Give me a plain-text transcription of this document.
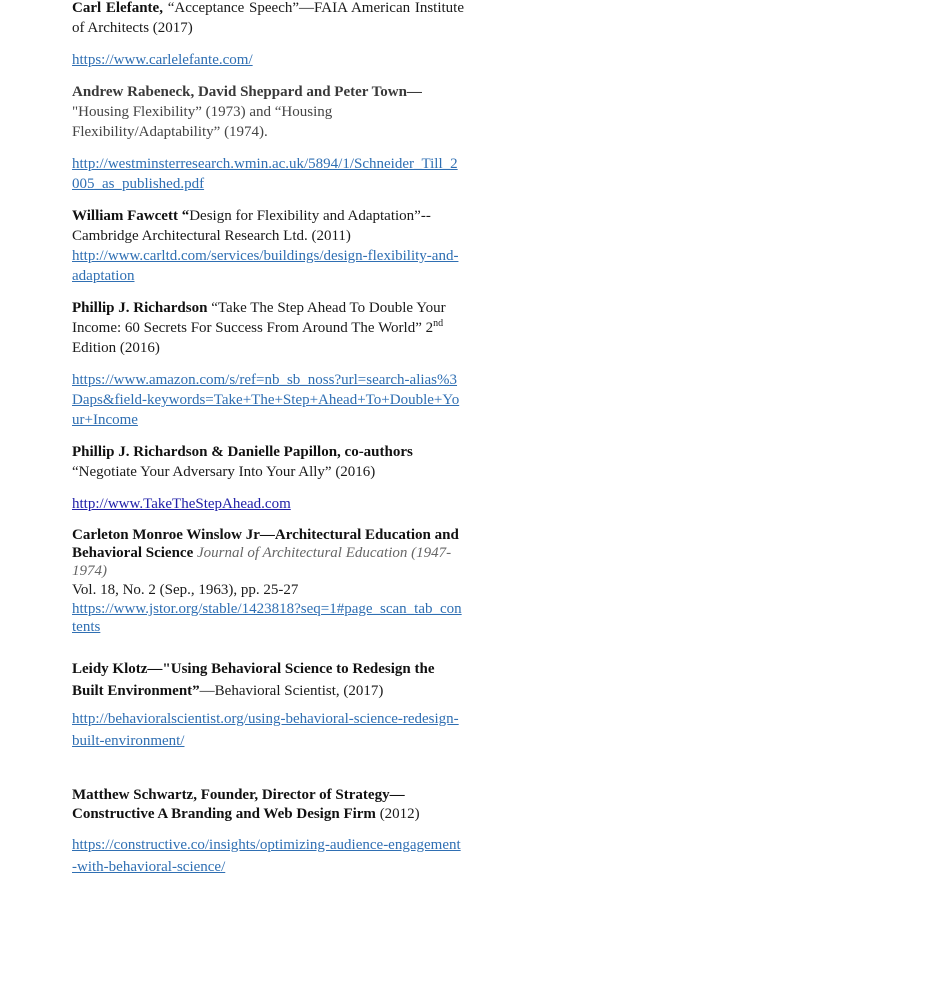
Carl Elefante, “Acceptance Speech”—FAIA American Institute of Architects (2017)

https://www.carlelefante.com/

Andrew Rabeneck, David Sheppard and Peter Town—
"Housing Flexibility” (1973) and “Housing Flexibility/Adaptability” (1974).

http://westminsterresearch.wmin.ac.uk/5894/1/Schneider_Till_2005_as_published.pdf

William Fawcett “Design for Flexibility and Adaptation”-- Cambridge Architectural Research Ltd. (2011)

http://www.carltd.com/services/buildings/design-flexibility-and-adaptation

Phillip J. Richardson “Take The Step Ahead To Double Your Income: 60 Secrets For Success From Around The World” 2nd Edition (2016)

https://www.amazon.com/s/ref=nb_sb_noss?url=search-alias%3Daps&field-keywords=Take+The+Step+Ahead+To+Double+Your+Income

Phillip J. Richardson & Danielle Papillon, co-authors
“Negotiate Your Adversary Into Your Ally” (2016)

http://www.TakeTheStepAhead.com

Carleton Monroe Winslow Jr—Architectural Education and Behavioral Science Journal of Architectural Education (1947-1974)

Vol. 18, No. 2 (Sep., 1963), pp. 25-27

https://www.jstor.org/stable/1423818?seq=1#page_scan_tab_contents

Leidy Klotz—"Using Behavioral Science to Redesign the Built Environment”—Behavioral Scientist, (2017)

http://behavioralscientist.org/using-behavioral-science-redesign-built-environment/

Matthew Schwartz, Founder, Director of Strategy— Constructive A Branding and Web Design Firm (2012)

https://constructive.co/insights/optimizing-audience-engagement-with-behavioral-science/
